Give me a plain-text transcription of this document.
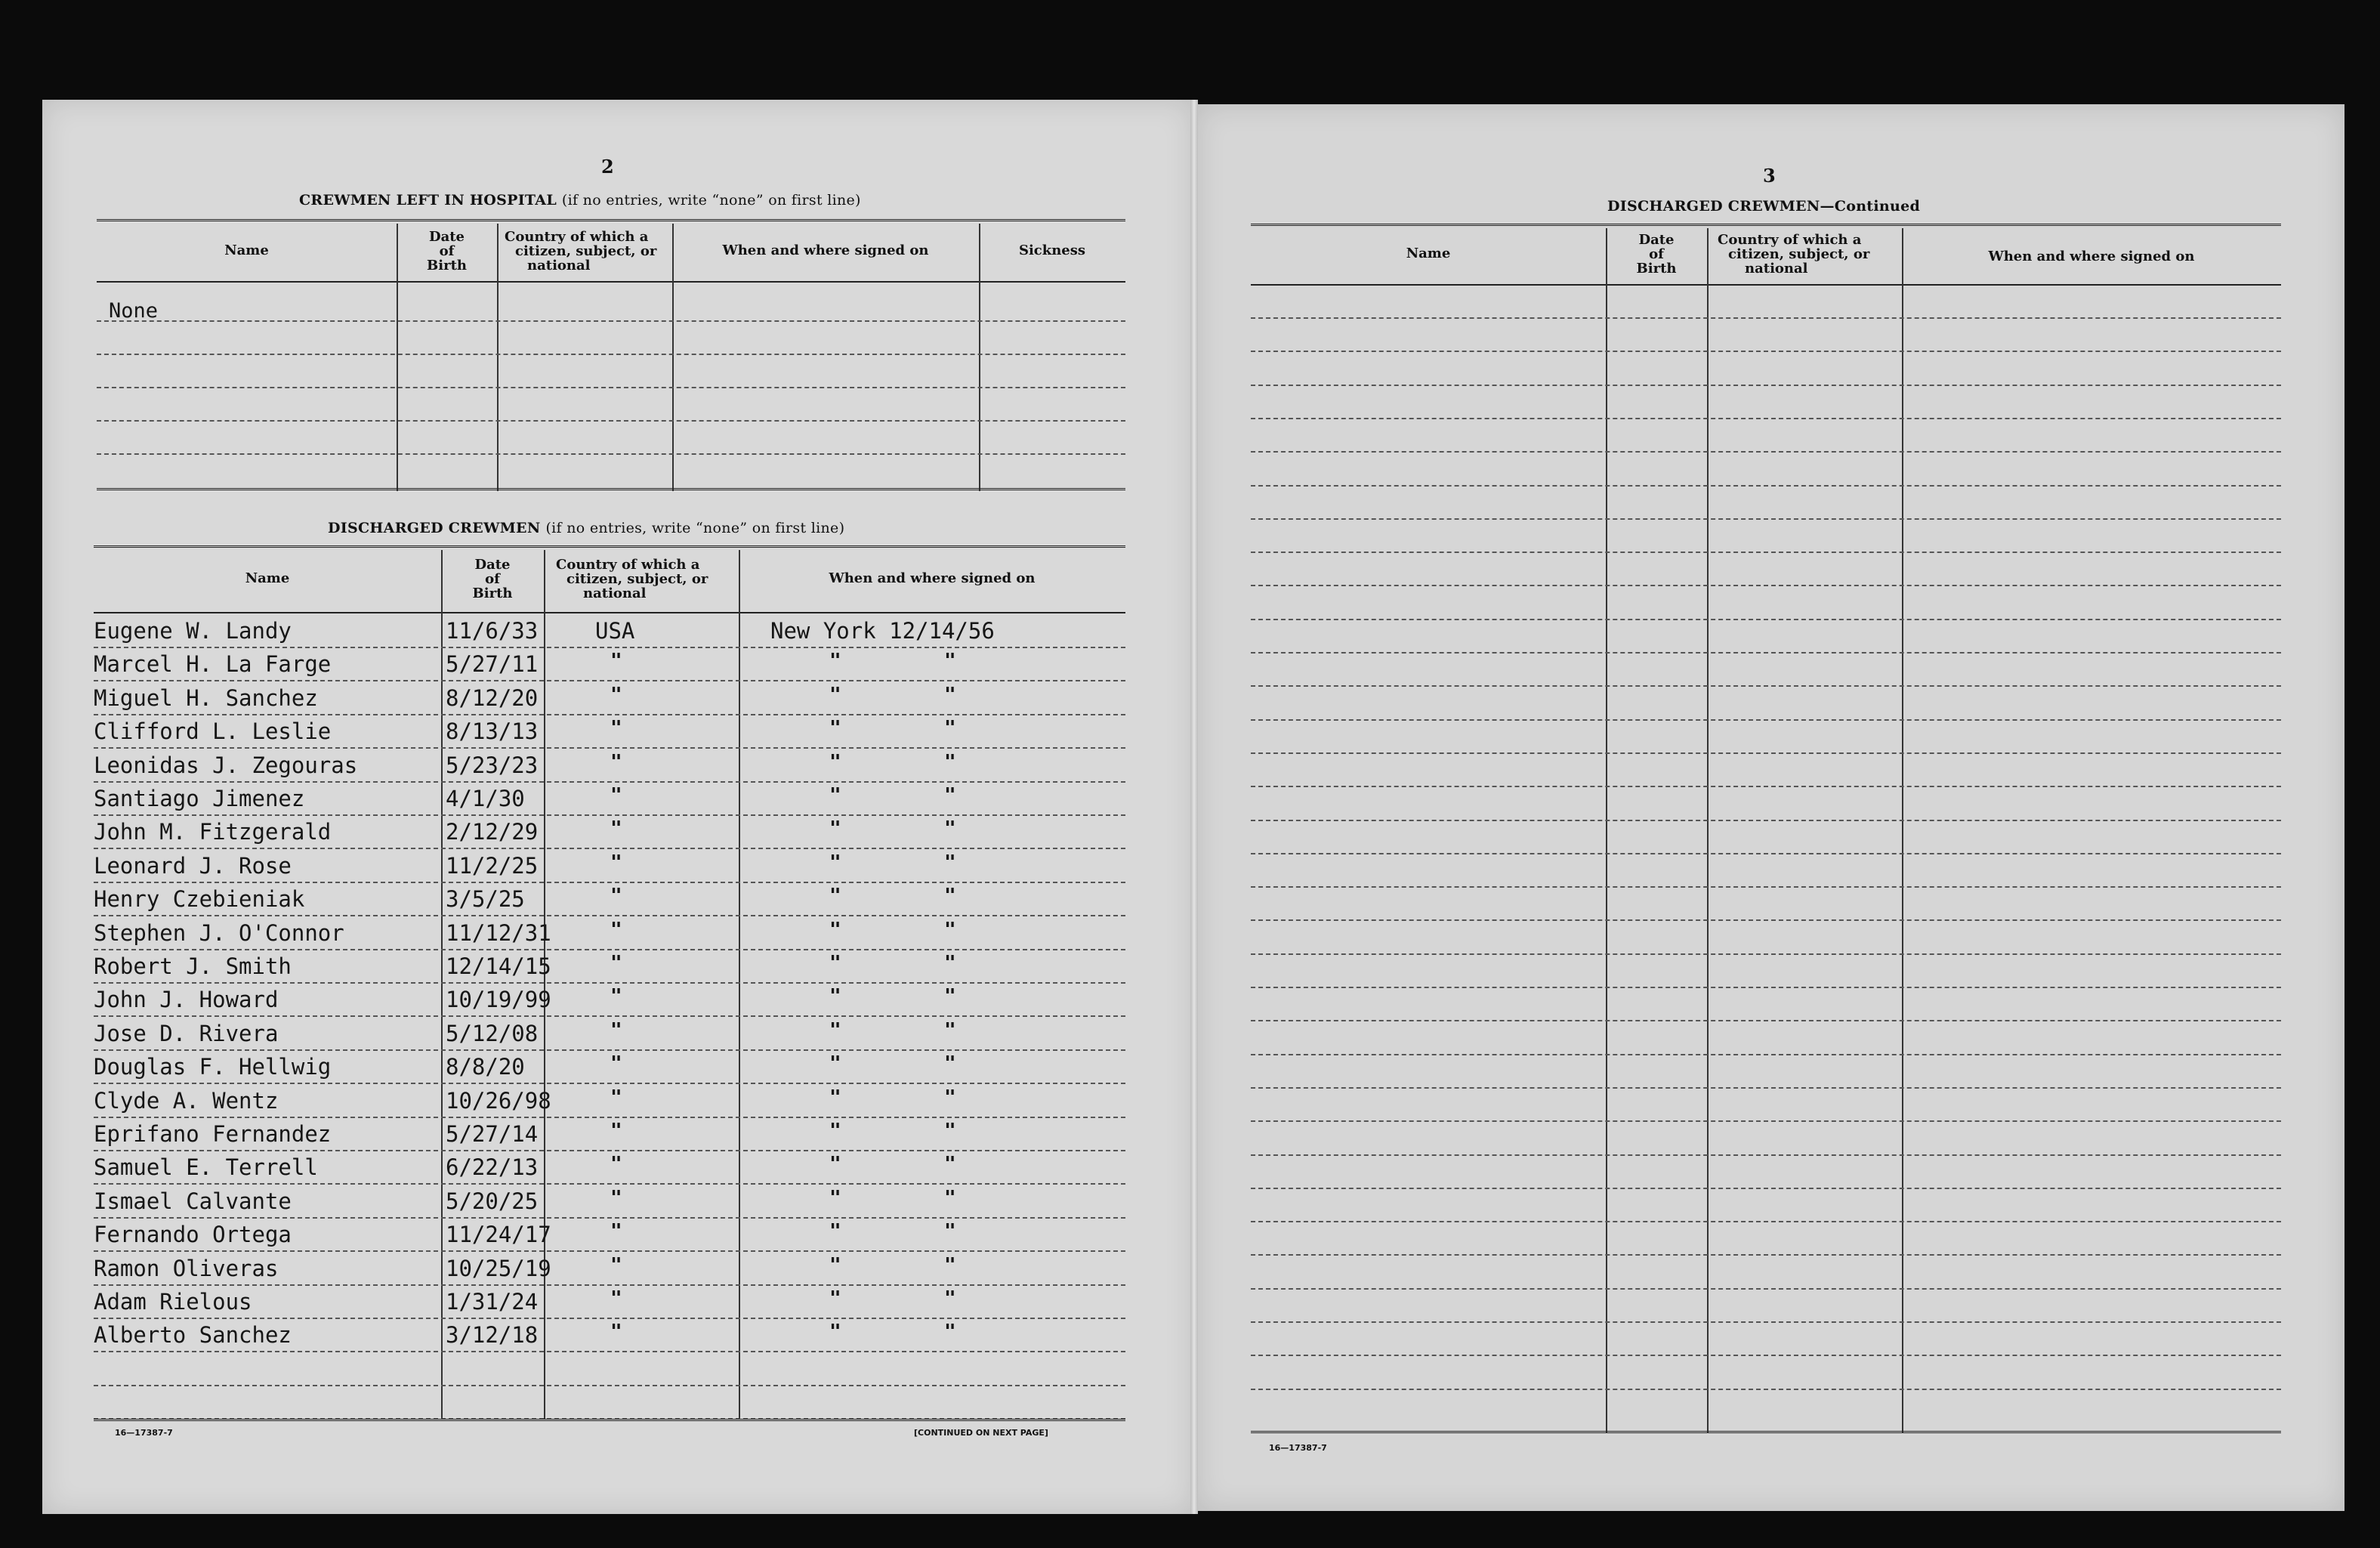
2
CREWMEN LEFT IN HOSPITAL (if no entries, write “none” on first line)
Name
Date
of
Birth
Country of which a
citizen, subject, or
national
When and where signed on	Sickness
None
DISCHARGED CREWMEN (if no entries, write “none” on first line)
Name
Date
of
Birth
Country of which a
citizen, subject, or
national
When and where signed on
Eugene W. Landy	11/6/33	USA	New York 12/14/56
Marcel H. La Farge	5/27/11	"	"	"
Miguel H. Sanchez	8/12/20	"	"	"
Clifford L. Leslie	8/13/13	"	"	"
Leonidas J. Zegouras	5/23/23	"	"	"
Santiago Jimenez	4/1/30	"	"	"
John M. Fitzgerald	2/12/29	"	"	"
Leonard J. Rose	11/2/25	"	"	"
Henry Czebieniak	3/5/25	"	"	"
Stephen J. O'Connor	11/12/31	"	"	"
Robert J. Smith	12/14/15	"	"	"
John J. Howard	10/19/99	"	"	"
Jose D. Rivera	5/12/08	"	"	"
Douglas F. Hellwig	8/8/20	"	"	"
Clyde A. Wentz	10/26/98	"	"	"
Eprifano Fernandez	5/27/14	"	"	"
Samuel E. Terrell	6/22/13	"	"	"
Ismael Calvante	5/20/25	"	"	"
Fernando Ortega	11/24/17	"	"	"
Ramon Oliveras	10/25/19	"	"	"
Adam Rielous	1/31/24	"	"	"
Alberto Sanchez	3/12/18	"	"	"
16—17387-7	[CONTINUED ON NEXT PAGE]
3
DISCHARGED CREWMEN—Continued
Name
Date
of
Birth
Country of which a
citizen, subject, or
national
When and where signed on
16—17387-7
